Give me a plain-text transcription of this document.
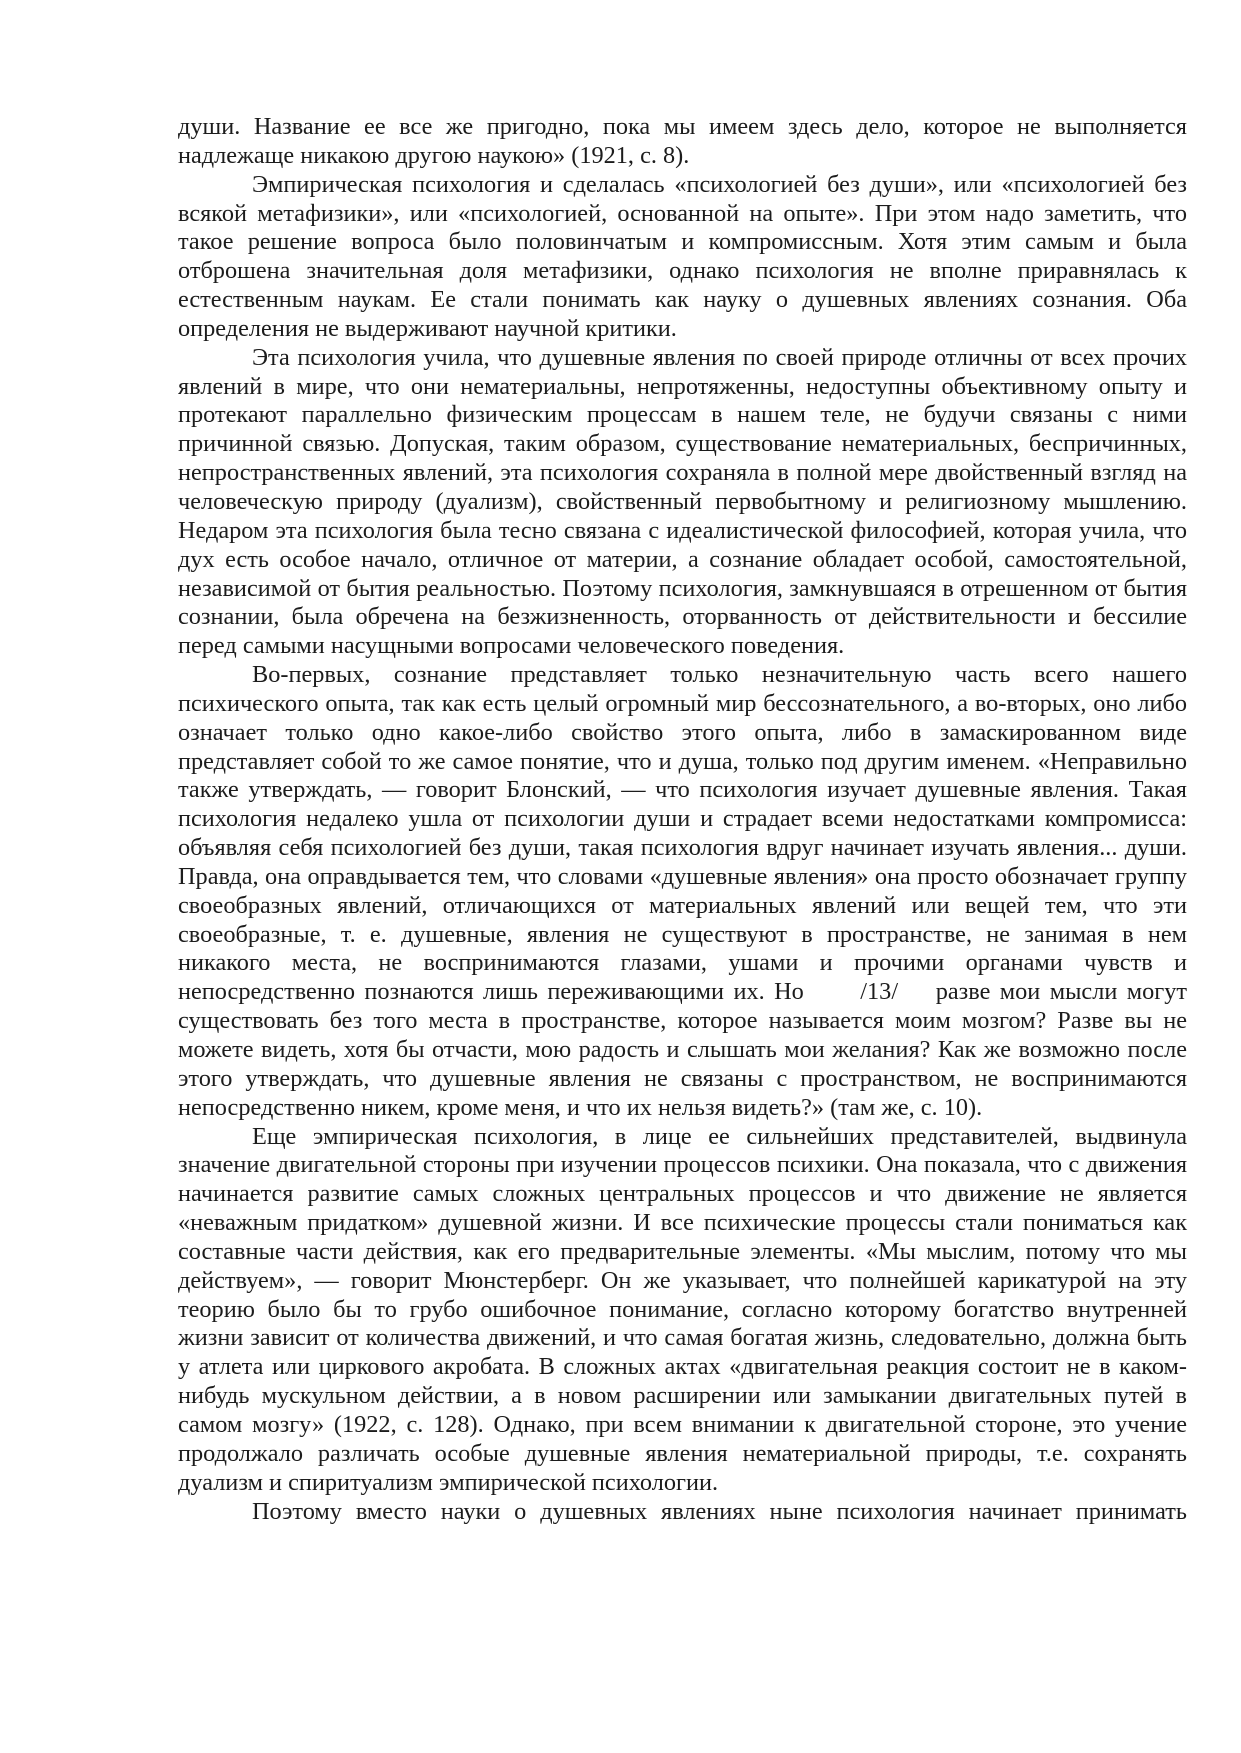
души. Название ее все же пригодно, пока мы имеем здесь дело, которое не выполняется надлежаще никакою другою наукою» (1921, с. 8).

Эмпирическая психология и сделалась «психологией без души», или «психологией без всякой метафизики», или «психологией, основанной на опыте». При этом надо заметить, что такое решение вопроса было половинчатым и компромиссным. Хотя этим самым и была отброшена значительная доля метафизики, однако психология не вполне приравнялась к естественным наукам. Ее стали понимать как науку о душевных явлениях сознания. Оба определения не выдерживают научной критики.

Эта психология учила, что душевные явления по своей природе отличны от всех прочих явлений в мире, что они нематериальны, непротяженны, недоступны объективному опыту и протекают параллельно физическим процессам в нашем теле, не будучи связаны с ними причинной связью. Допуская, таким образом, существование нематериальных, беспричинных, непространственных явлений, эта психология сохраняла в полной мере двойственный взгляд на человеческую природу (дуализм), свойственный первобытному и религиозному мышлению. Недаром эта психология была тесно связана с идеалистической философией, которая учила, что дух есть особое начало, отличное от материи, а сознание обладает особой, самостоятельной, независимой от бытия реальностью. Поэтому психология, замкнувшаяся в отрешенном от бытия сознании, была обречена на безжизненность, оторванность от действительности и бессилие перед самыми насущными вопросами человеческого поведения.

Во-первых, сознание представляет только незначительную часть всего нашего психического опыта, так как есть целый огромный мир бессознательного, а во-вторых, оно либо означает только одно какое-либо свойство этого опыта, либо в замаскированном виде представляет собой то же самое понятие, что и душа, только под другим именем. «Неправильно также утверждать, — говорит Блонский, — что психология изучает душевные явления. Такая психология недалеко ушла от психологии души и страдает всеми недостатками компромисса: объявляя себя психологией без души, такая психология вдруг начинает изучать явления... души. Правда, она оправдывается тем, что словами «душевные явления» она просто обозначает группу своеобразных явлений, отличающихся от материальных явлений или вещей тем, что эти своеобразные, т. е. душевные, явления не существуют в пространстве, не занимая в нем никакого места, не воспринимаются глазами, ушами и прочими органами чувств и непосредственно познаются лишь переживающими их. Но      /13/    разве мои мысли могут существовать без того места в пространстве, которое называется моим мозгом? Разве вы не можете видеть, хотя бы отчасти, мою радость и слышать мои желания? Как же возможно после этого утверждать, что душевные явления не связаны с пространством, не воспринимаются непосредственно никем, кроме меня, и что их нельзя видеть?» (там же, с. 10).

Еще эмпирическая психология, в лице ее сильнейших представителей, выдвинула значение двигательной стороны при изучении процессов психики. Она показала, что с движения начинается развитие самых сложных центральных процессов и что движение не является «неважным придатком» душевной жизни. И все психические процессы стали пониматься как составные части действия, как его предварительные элементы. «Мы мыслим, потому что мы действуем», — говорит Мюнстерберг. Он же указывает, что полнейшей карикатурой на эту теорию было бы то грубо ошибочное понимание, согласно которому богатство внутренней жизни зависит от количества движений, и что самая богатая жизнь, следовательно, должна быть у атлета или циркового акробата. В сложных актах «двигательная реакция состоит не в каком-нибудь мускульном действии, а в новом расширении или замыкании двигательных путей в самом мозгу» (1922, с. 128). Однако, при всем внимании к двигательной стороне, это учение продолжало различать особые душевные явления нематериальной природы, т.е. сохранять дуализм и спиритуализм эмпирической психологии.

Поэтому вместо науки о душевных явлениях ныне психология начинает принимать
